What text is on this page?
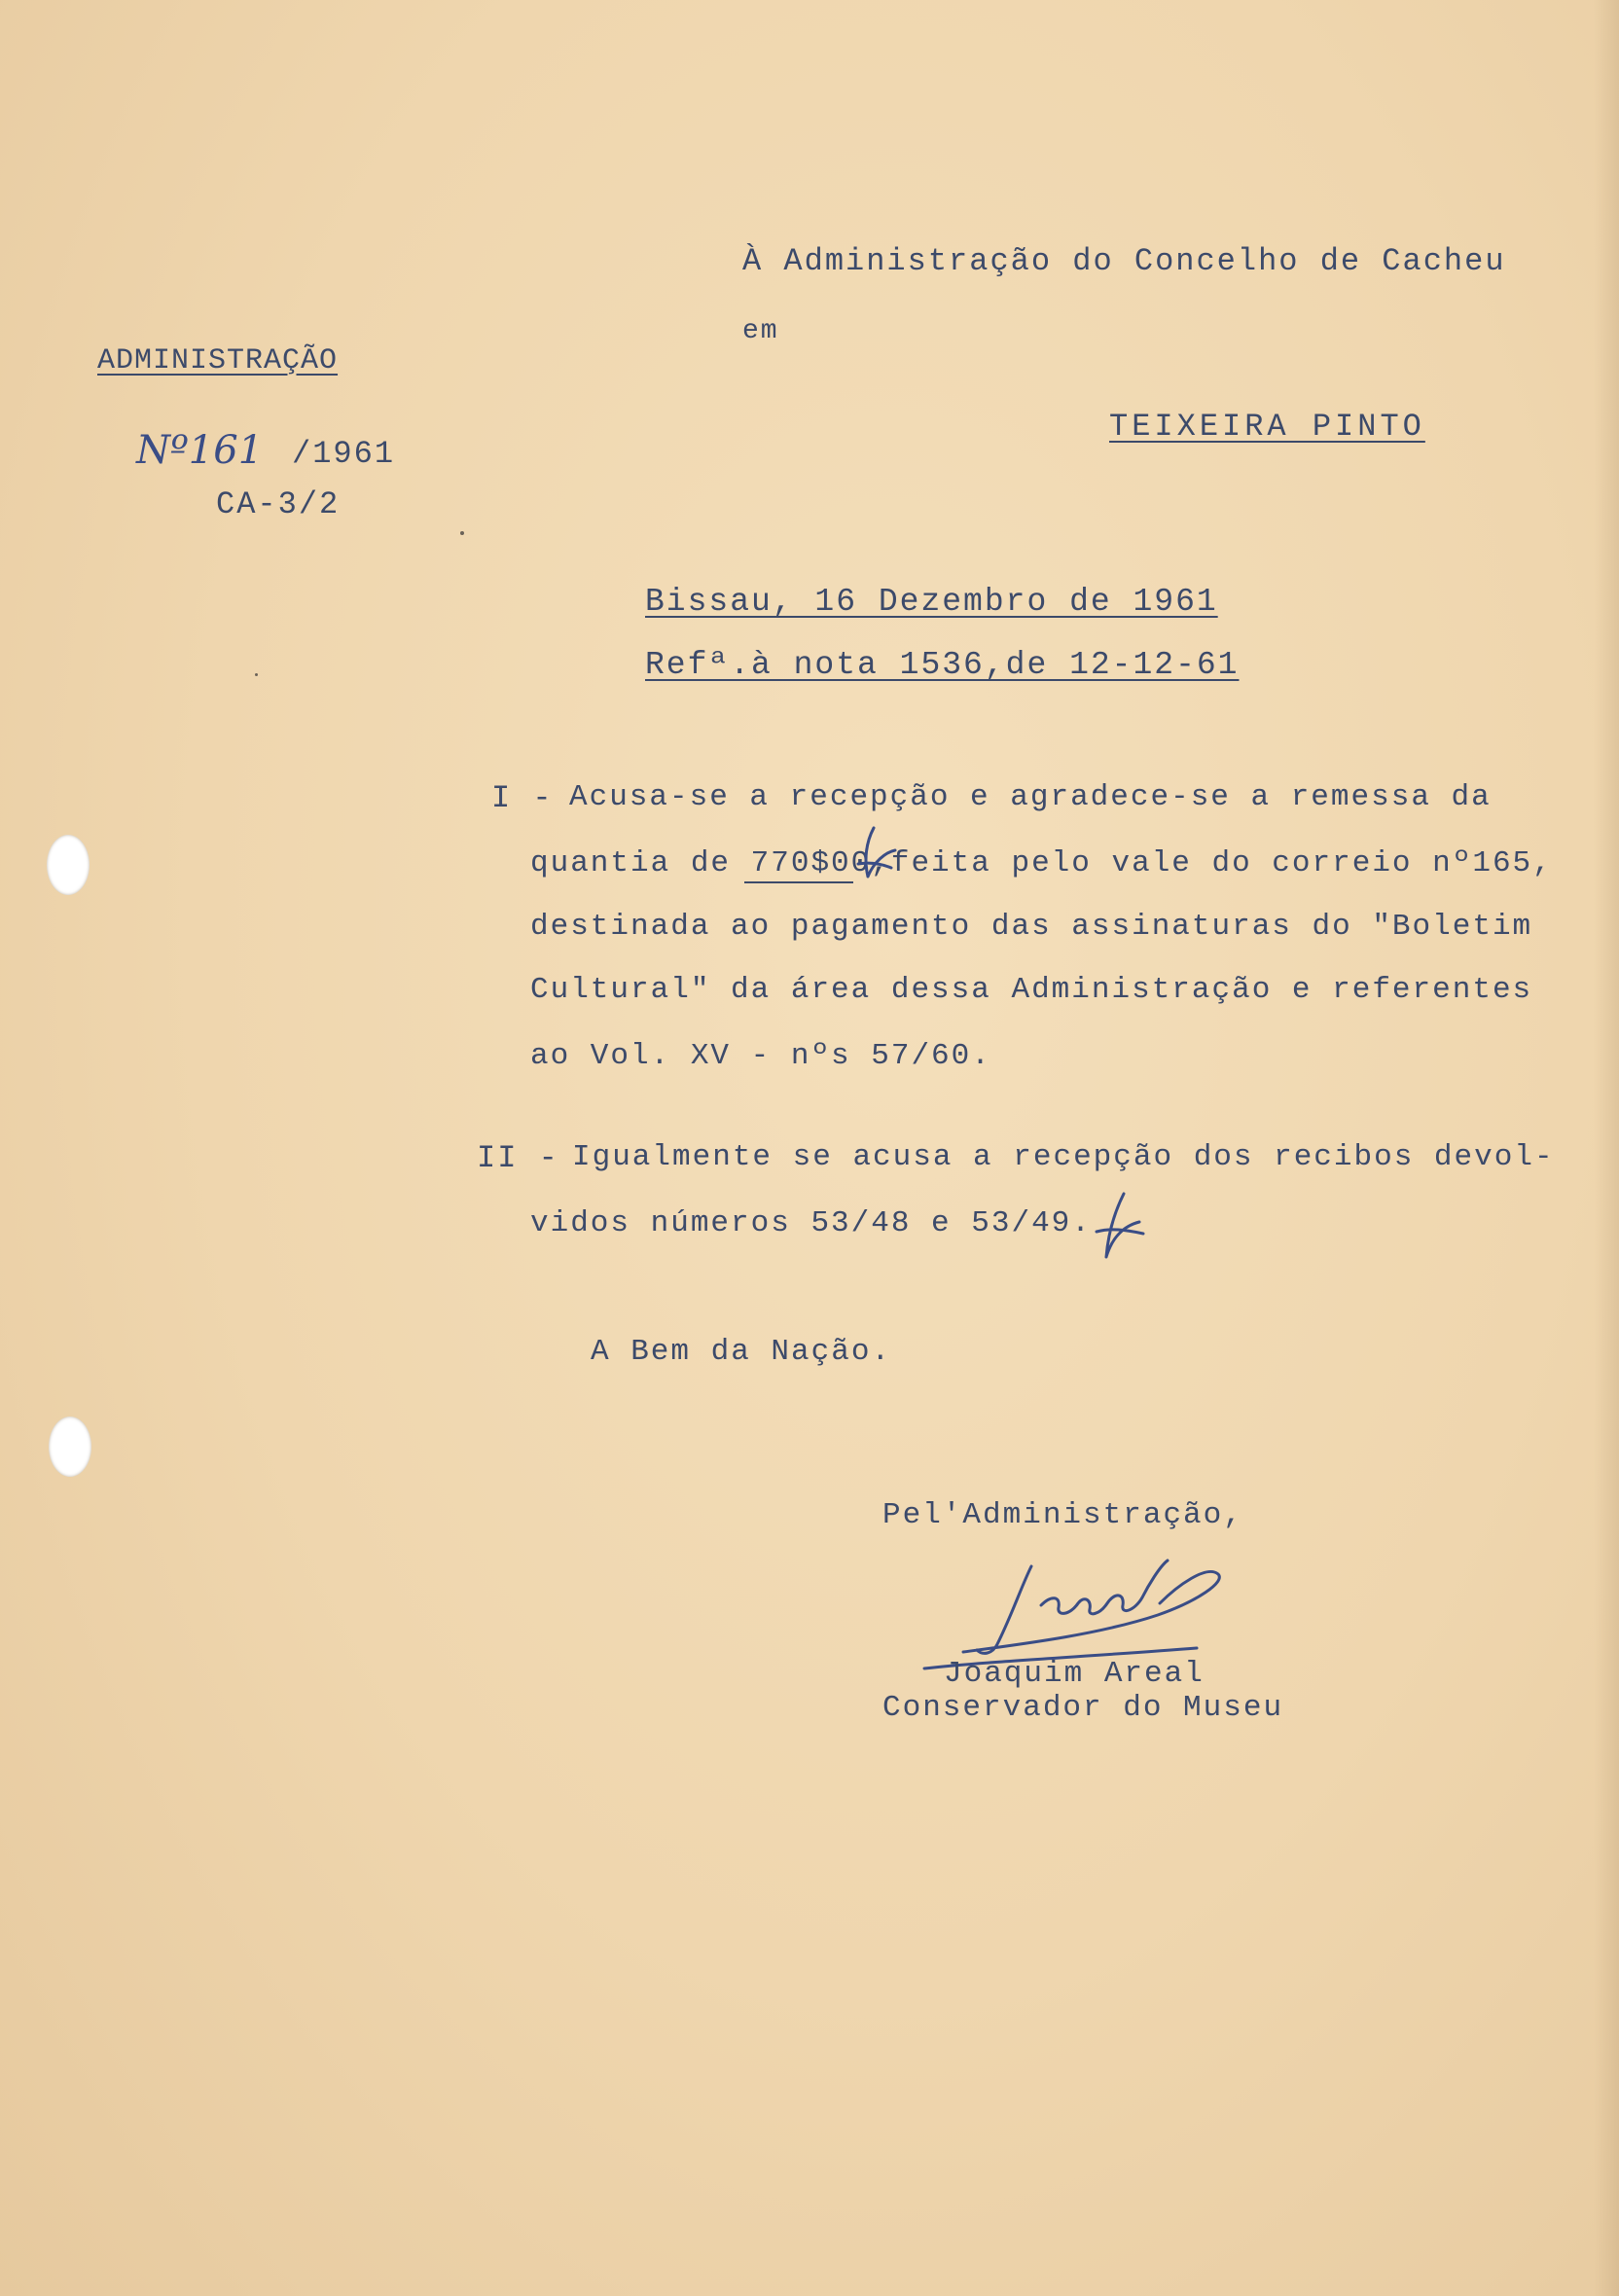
À Administração do Concelho de Cacheu
em
TEIXEIRA PINTO
ADMINISTRAÇÃO
Nº161 /1961
CA-3/2
Bissau, 16 Dezembro de 1961
Refª.à nota 1536,de 12-12-61
I - Acusa-se a recepção e agradece-se a remessa da
quantia de 770$00,feita pelo vale do correio nº165,
destinada ao pagamento das assinaturas do "Boletim
Cultural" da área dessa Administração e referentes
ao Vol. XV - nºs 57/60.
II - Igualmente se acusa a recepção dos recibos devol-
vidos números 53/48 e 53/49.
A Bem da Nação.
Pel'Administração,
Joaquim Areal
Conservador do Museu
